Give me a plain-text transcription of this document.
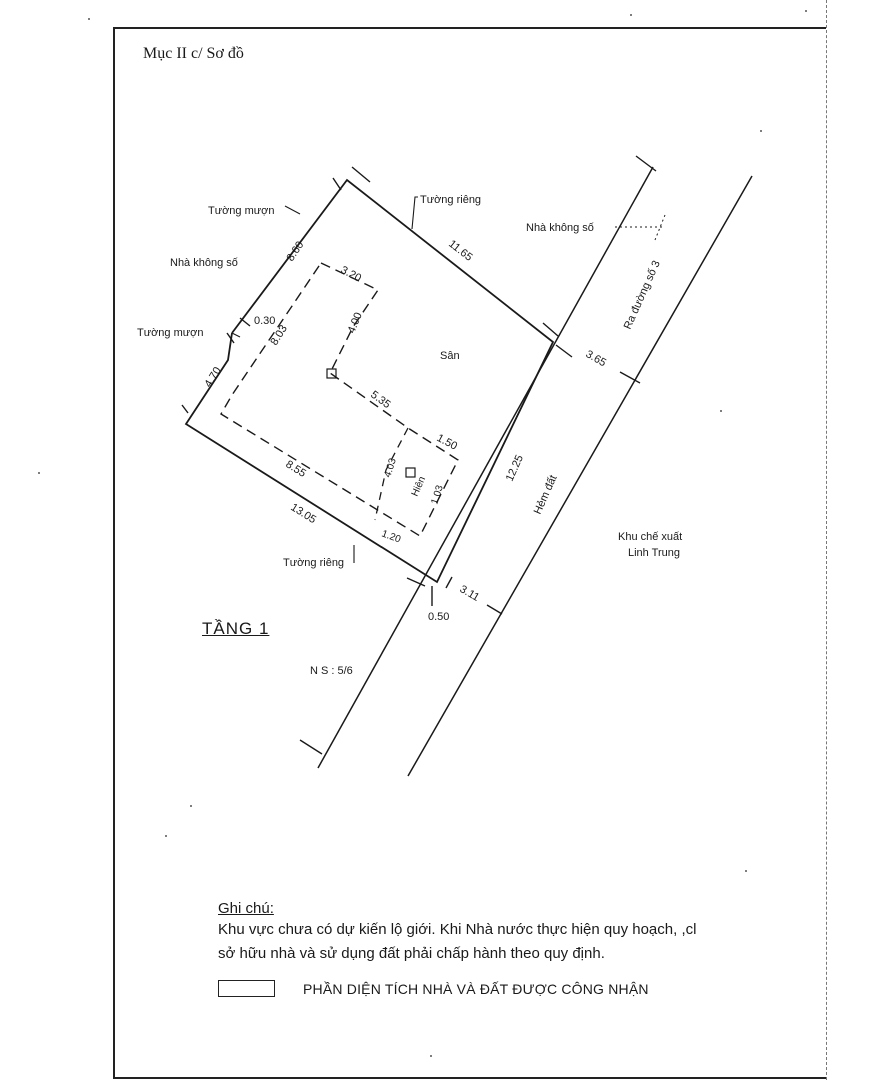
Mục II c/ Sơ đồ
Tường mượn
Tường riêng
Nhà không số
Nhà không số
Tường mượn
Sân
Ra đường số 3
Hẻm đất
Hiên
Khu chế xuất
Linh Trung
Tường riêng
N S : 5/6
8.60	11.65
3.20
0.30
8.03
4.00
4.70
5.35
1.50
4.03
1.03
12.25
8.55
13.05
1.20
3.65
3.11
0.50
TẦNG 1
Ghi chú:
Khu vực chưa có dự kiến lộ giới. Khi Nhà nước thực hiện quy hoạch, ,cl
sở hữu nhà và sử dụng đất phải chấp hành theo quy định.
PHẦN DIỆN TÍCH NHÀ VÀ ĐẤT ĐƯỢC CÔNG NHẬN
